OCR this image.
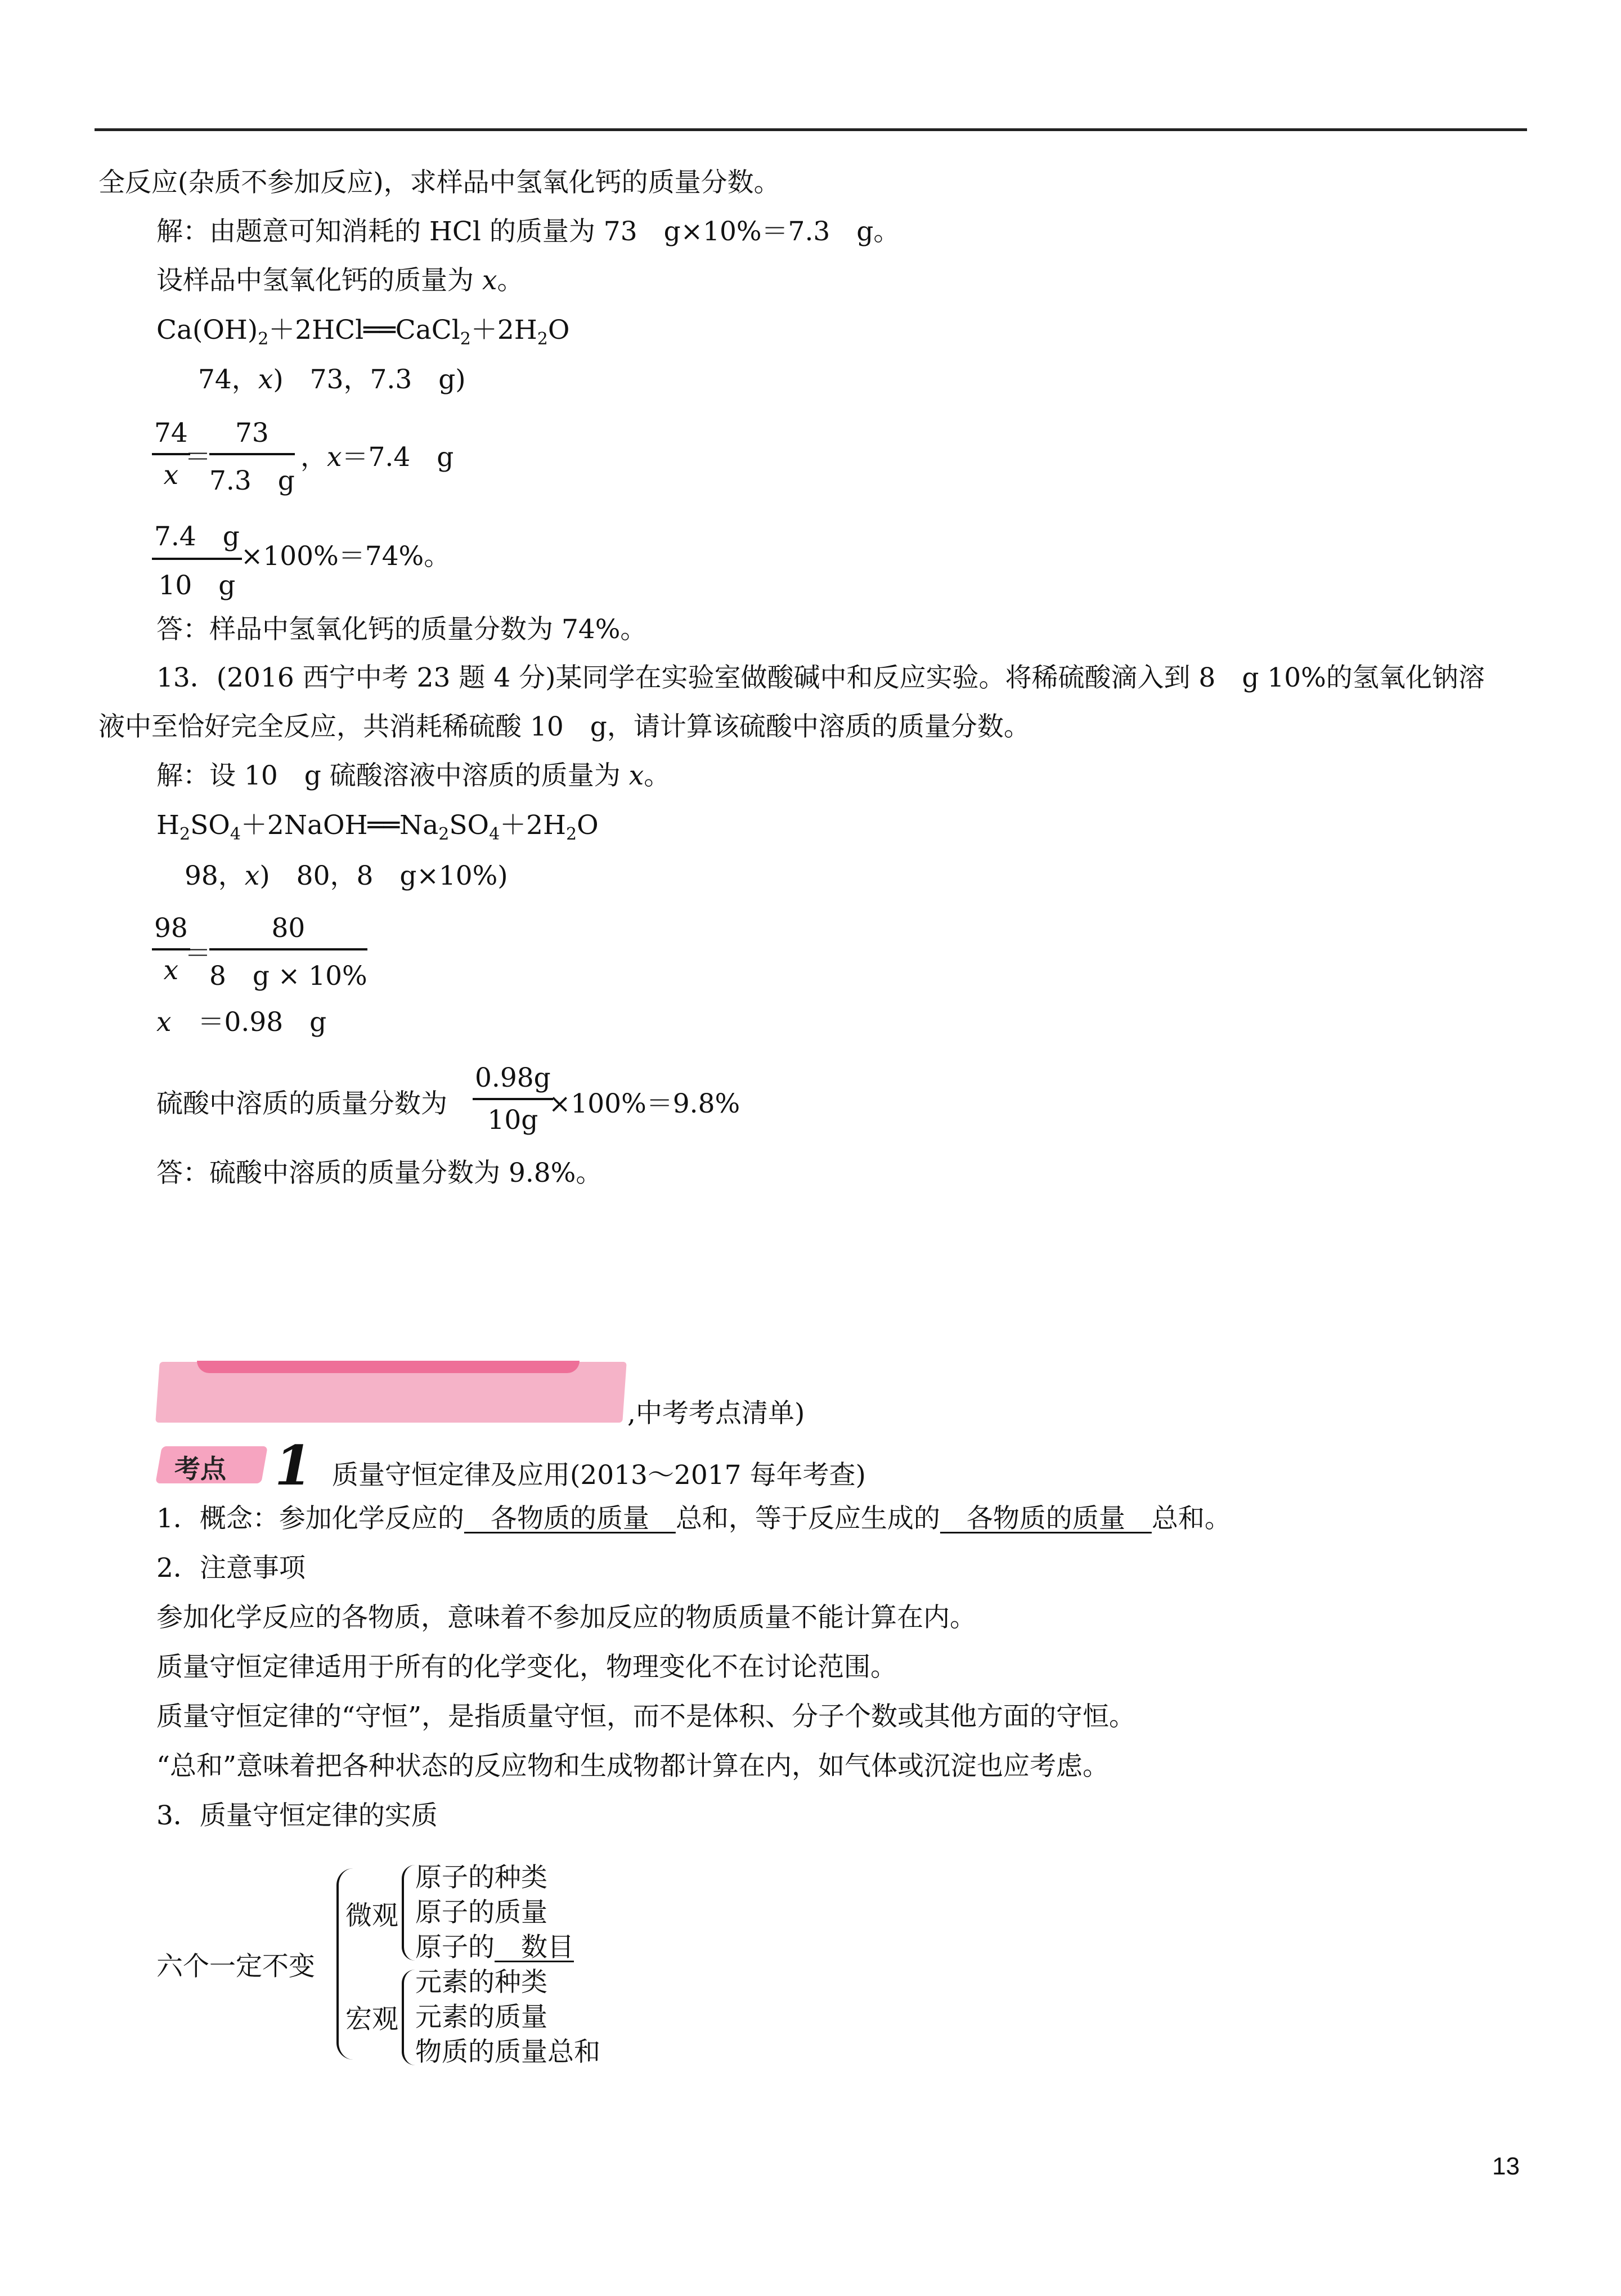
全反应(杂质不参加反应)，求样品中氢氧化钙的质量分数。
解：由题意可知消耗的 HCl 的质量为 73　g×10%＝7.3　g。
设样品中氢氧化钙的质量为 x。
$Ca(OH)_2+2HCl══CaCl_2+2H_2O$
74，x)　73，7.3　g)
$\frac{74}{x}$
＝
$\frac{73}{7.3 g}$ ，x＝7.4　g
$\frac{7.4 g}{10 g}$
×100%＝74%。
答：样品中氢氧化钙的质量分数为 74%。
13．(2016 西宁中考 23 题 4 分)某同学在实验室做酸碱中和反应实验。将稀硫酸滴入到 8　g 10%的氢氧化钠溶
液中至恰好完全反应，共消耗稀硫酸 10　g，请计算该硫酸中溶质的质量分数。
解：设 10　g 硫酸溶液中溶质的质量为 x。
$H_2SO_4+2NaOH══Na_2SO_4+2H_2O$
98，x)　80，8　g×10%)
$\frac{98}{x}$
＝
$\frac{80}{8 g \times 10\%}$
x　＝0.98　g
硫酸中溶质的质量分数为 $\frac{0.98g}{10g}$
×100%＝9.8%
答：硫酸中溶质的质量分数为 9.8%。
,中考考点清单)
考点 1 质量守恒定律及应用(2013～2017 每年考查)
1．概念：参加化学反应的　各物质的质量　总和，等于反应生成的　各物质的质量　总和。
2．注意事项
参加化学反应的各物质，意味着不参加反应的物质质量不能计算在内。
质量守恒定律适用于所有的化学变化，物理变化不在讨论范围。
质量守恒定律的“守恒”，是指质量守恒，而不是体积、分子个数或其他方面的守恒。
“总和”意味着把各种状态的反应物和生成物都计算在内，如气体或沉淀也应考虑。
3．质量守恒定律的实质
六个一定不变
微观
原子的种类
原子的质量
原子的　数目
宏观
元素的种类
元素的质量
物质的质量总和
13
